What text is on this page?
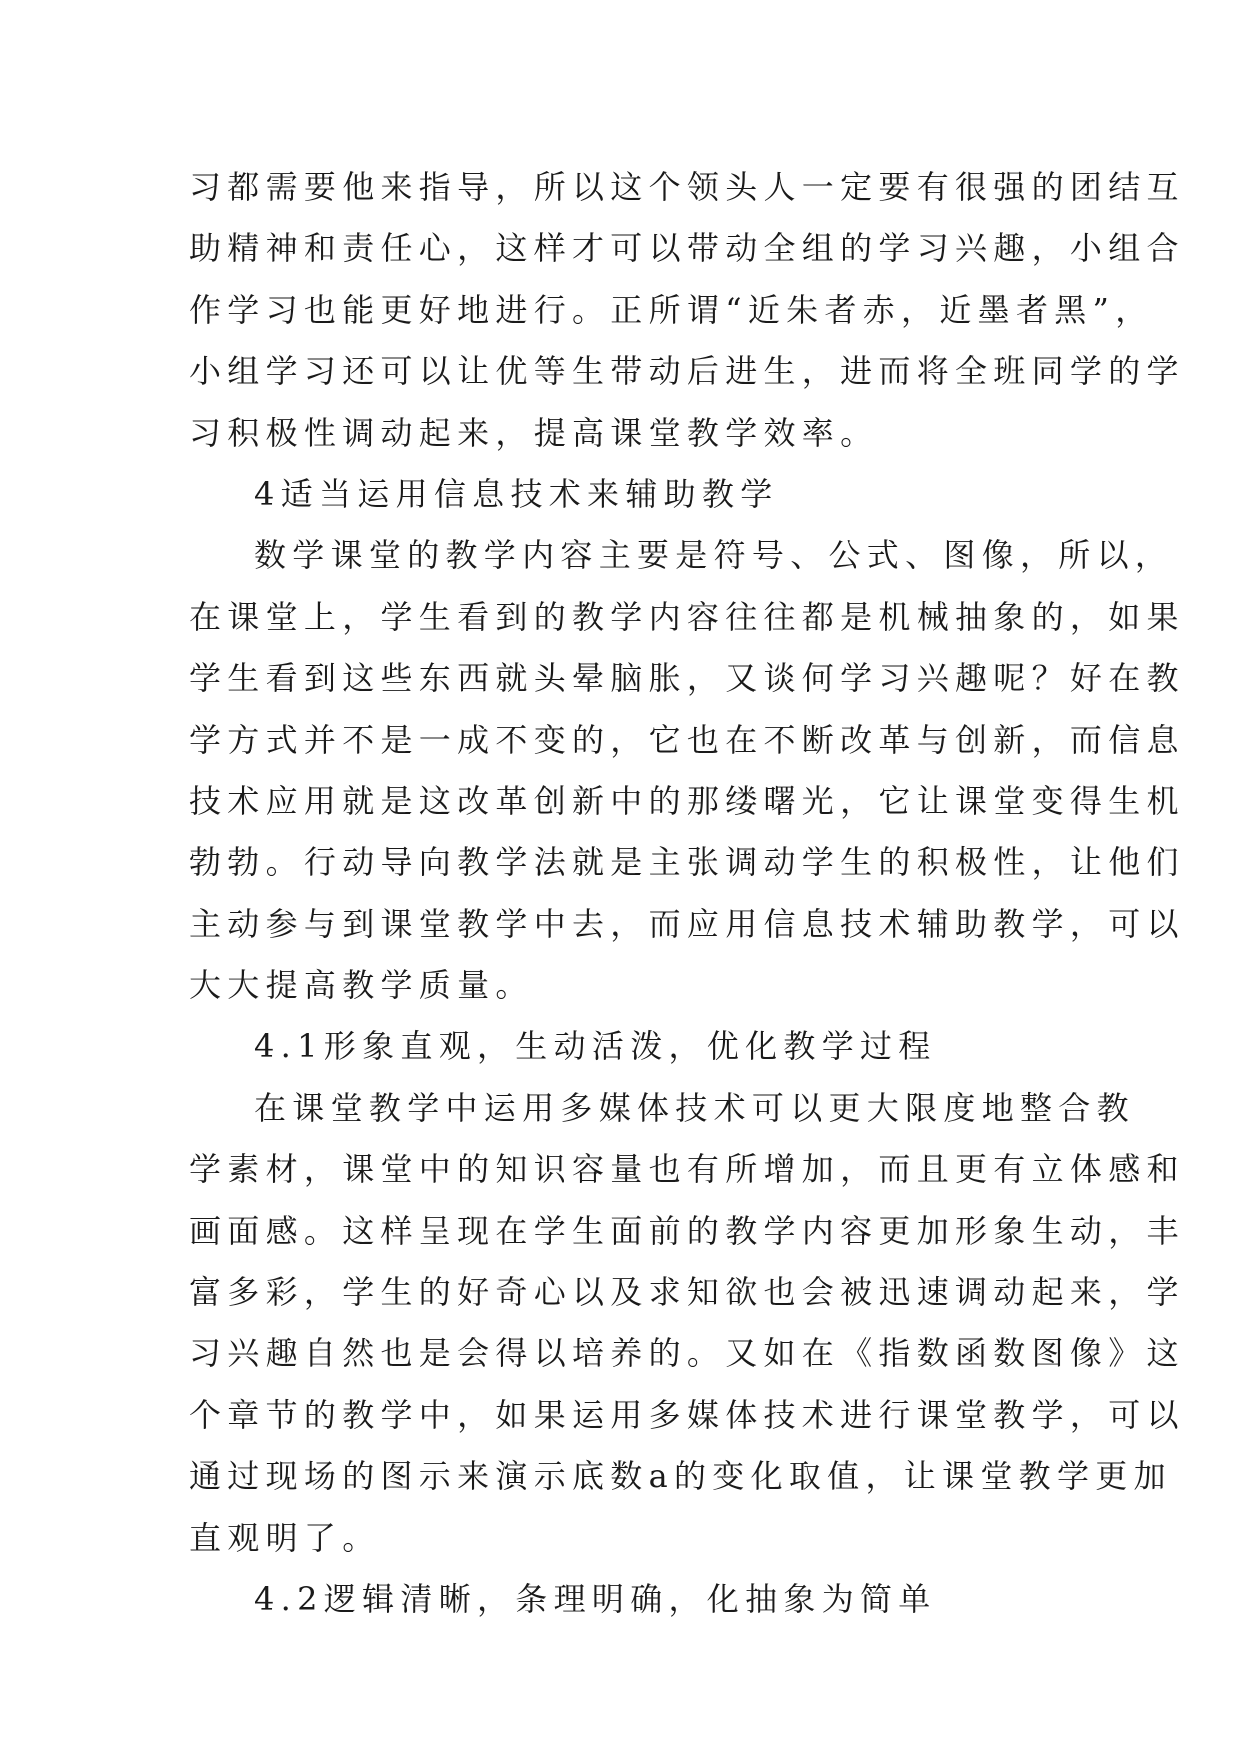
习都需要他来指导，所以这个领头人一定要有很强的团结互
助精神和责任心，这样才可以带动全组的学习兴趣，小组合
作学习也能更好地进行。正所谓“近朱者赤，近墨者黑”，
小组学习还可以让优等生带动后进生，进而将全班同学的学
习积极性调动起来，提高课堂教学效率。
4适当运用信息技术来辅助教学
数学课堂的教学内容主要是符号、公式、图像，所以，
在课堂上，学生看到的教学内容往往都是机械抽象的，如果
学生看到这些东西就头晕脑胀，又谈何学习兴趣呢？好在教
学方式并不是一成不变的，它也在不断改革与创新，而信息
技术应用就是这改革创新中的那缕曙光，它让课堂变得生机
勃勃。行动导向教学法就是主张调动学生的积极性，让他们
主动参与到课堂教学中去，而应用信息技术辅助教学，可以
大大提高教学质量。
4.1形象直观，生动活泼，优化教学过程
在课堂教学中运用多媒体技术可以更大限度地整合教
学素材，课堂中的知识容量也有所增加，而且更有立体感和
画面感。这样呈现在学生面前的教学内容更加形象生动，丰
富多彩，学生的好奇心以及求知欲也会被迅速调动起来，学
习兴趣自然也是会得以培养的。又如在《指数函数图像》这
个章节的教学中，如果运用多媒体技术进行课堂教学，可以
通过现场的图示来演示底数a的变化取值，让课堂教学更加
直观明了。
4.2逻辑清晰，条理明确，化抽象为简单
